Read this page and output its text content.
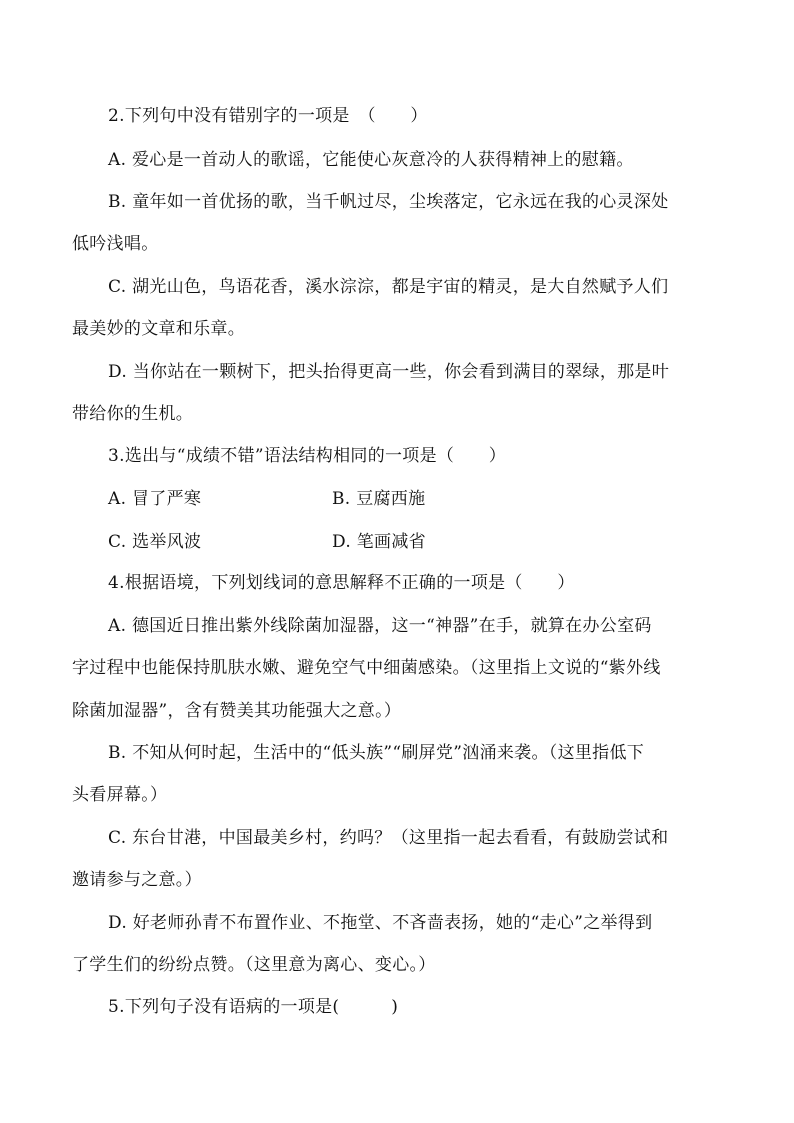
2.下列句中没有错别字的一项是　（　　）
A. 爱心是一首动人的歌谣，它能使心灰意冷的人获得精神上的慰籍。
B. 童年如一首优扬的歌，当千帆过尽，尘埃落定，它永远在我的心灵深处
低吟浅唱。
C. 湖光山色，鸟语花香，溪水淙淙，都是宇宙的精灵，是大自然赋予人们
最美妙的文章和乐章。
D. 当你站在一颗树下，把头抬得更高一些，你会看到满目的翠绿，那是叶
带给你的生机。
3.选出与“成绩不错”语法结构相同的一项是（　　）
A. 冒了严寒	B. 豆腐西施
C. 选举风波	D. 笔画减省
4.根据语境，下列划线词的意思解释不正确的一项是（　　）
A. 德国近日推出紫外线除菌加湿器，这一“神器”在手，就算在办公室码
字过程中也能保持肌肤水嫩、避免空气中细菌感染。（这里指上文说的“紫外线
除菌加湿器”，含有赞美其功能强大之意。）
B. 不知从何时起，生活中的“低头族”“刷屏党”汹涌来袭。（这里指低下
头看屏幕。）
C. 东台甘港，中国最美乡村，约吗？（这里指一起去看看，有鼓励尝试和
邀请参与之意。）
D. 好老师孙青不布置作业、不拖堂、不吝啬表扬，她的“走心”之举得到
了学生们的纷纷点赞。（这里意为离心、变心。）
5.下列句子没有语病的一项是(　　　)
